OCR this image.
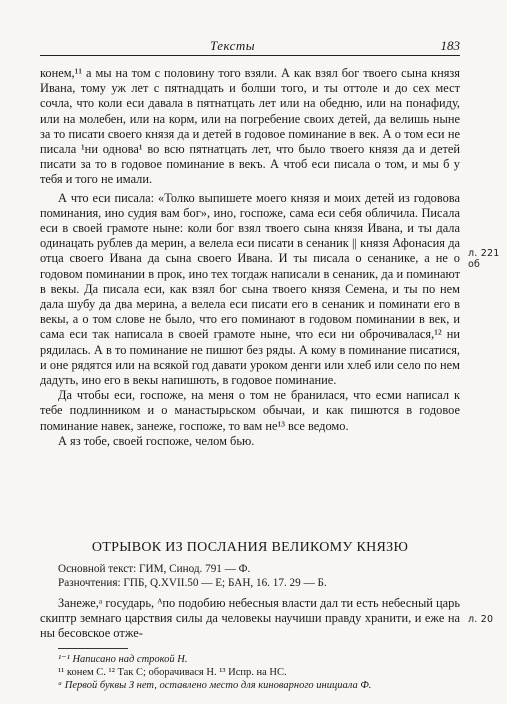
Тексты	183

конем,¹¹ а мы на том с половину того взяли. А как взял бог твоего сына князя Ивана, тому уж лет с пятнадцать и болши того, и ты оттоле и до сех мест сочла, что коли еси давала в пятнатцать лет или на обедню, или на понафиду, или на молебен, или на корм, или на погребение своих детей, да велишь ныне за то писати своего князя да и детей в годовое поминание в век. А о том еси не писала ¹ни однова¹ во всю пятнатцать лет, что было твоего князя да и детей писати за то в годовое поминание в векъ. А чтоб еси писала о том, и мы б у тебя и того не имали.

А что еси писала: «Толко выпишете моего князя и моих детей из годовова поминания, ино судия вам бог», ино, госпоже, сама еси себя обличила. Писала еси в своей грамоте ныне: коли бог взял твоего сына князя Ивана, и ты дала одинацать рублев да мерин, а велела еси писати в сенаник || князя Афонасия да отца своего Ивана да сына своего Ивана. И ты писала о сенанике, а не о годовом поминании в прок, ино тех тогдаж написали в сенаник, да и поминают в векы. Да писала еси, как взял бог сына твоего князя Семена, и ты по нем дала шубу да два мерина, а велела еси писати его в сенаник и поминати его в векы, а о том слове не было, что его поминают в годовом поминании в век, и сама еси так написала в своей грамоте ныне, что еси ни оброчивалася,¹² ни рядилась. А в то поминание не пишют без ряды. А кому в поминание писатися, и оне рядятся или на всякой год давати уроком денги или хлеб или село по нем дадуть, ино его в векы напишють, в годовое поминание.

Да чтобы еси, госпоже, на меня о том не бранилася, что есми написал к тебе подлинником и о манастырьском обычаи, и как пишются в годовое поминание навек, занеже, госпоже, то вам не¹³ все ведомо.

А яз тобе, своей госпоже, челом бью.

ОТРЫВОК ИЗ ПОСЛАНИЯ ВЕЛИКОМУ КНЯЗЮ
Основной текст: ГИМ, Синод. 791 — Ф.
Разночтения: ГПБ, Q.XVII.50 — Е; БАН, 16. 17. 29 — Б.

Занеже,ᵃ государь, ᴬпо подобию небесныя власти дал ти есть небесный царь скиптр земнаго царствия силы да человекы научиши правду хранити, и еже на ны бесовское отже-

л. 221 об
л. 20
¹⁻¹ Написано над строкой Н.
¹¹ конем С. ¹² Так С; оборачивася Н. ¹³ Испр. на НС.
ᵃ Первой буквы З нет, оставлено место для киноварного инициала Ф.
